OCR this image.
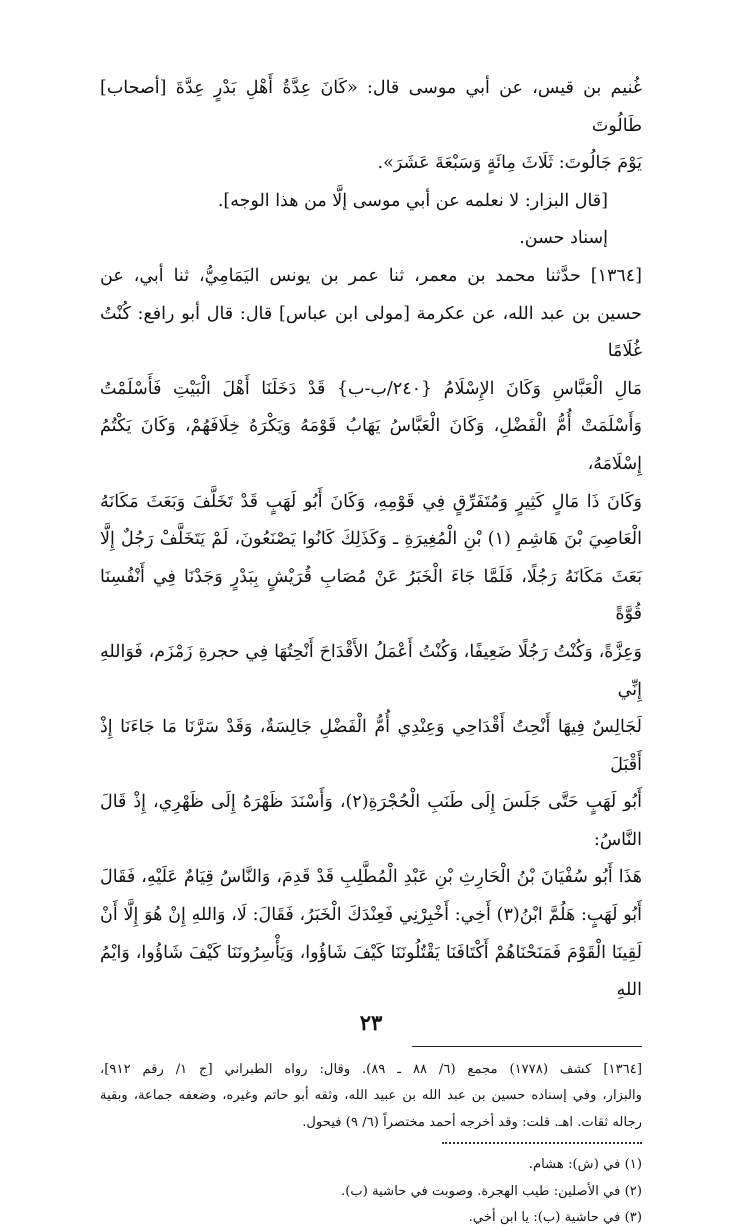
غُنيم بن قيس، عن أبي موسى قال: «كَانَ عِدَّةُ أَهْلِ بَدْرٍ عِدَّةَ [أصحاب] طَالُوتَ

يَوْمَ جَالُوتَ: ثَلَاثَ مِائَةٍ وَسَبْعَةَ عَشَرَ».

[قال البزار: لا نعلمه عن أبي موسى إلَّا من هذا الوجه].

إسناد حسن.

[١٣٦٤] حدَّثنا محمد بن معمر، ثنا عمر بن يونس اليَمَامِيُّ، ثنا أبي، عن

حسين بن عبد الله، عن عكرمة [مولى ابن عباس] قال: قال أبو رافع: كُنْتُ غُلَامًا

مَالِ الْعَبَّاسِ وَكَانَ الإِسْلَامُ {٢٤٠/ب-ب} قَدْ دَخَلَنَا أَهْلَ الْبَيْتِ فَأَسْلَمْتُ

وَأَسْلَمَتْ أُمُّ الْفَضْلِ، وَكَانَ الْعَبَّاسُ يَهَابُ قَوْمَهُ وَيَكْرَهُ خِلَافَهُمْ، وَكَانَ يَكْتُمُ إِسْلَامَهُ،

وَكَانَ ذَا مَالٍ كَثِيرٍ وَمُتَفَرِّقٍ فِي قَوْمِهِ، وَكَانَ أَبُو لَهَبٍ قَدْ تَخَلَّفَ وَبَعَثَ مَكَانَهُ

الْعَاصِيَ بْنَ هَاشِمِ (١) بْنِ الْمُغِيرَةِ ـ وَكَذَلِكَ كَانُوا يَصْنَعُونَ، لَمْ يَتَخَلَّفْ رَجُلٌ إِلَّا

بَعَثَ مَكَانَهُ رَجُلًا، فَلَمَّا جَاءَ الْخَبَرُ عَنْ مُصَابِ قُرَيْشٍ بِبَدْرٍ وَجَدْنَا فِي أَنْفُسِنَا قُوَّةً

وَعِزَّةً، وَكُنْتُ رَجُلًا ضَعِيفًا، وَكُنْتُ أَعْمَلُ الأَقْدَاحَ أَنْحِتُهَا فِي حجرةِ زَمْزَم، فَوَاللهِ إِنِّي

لَجَالِسٌ فِيهَا أَنْحِتُ أَقْدَاحِي وَعِنْدِي أُمُّ الْفَضْلِ جَالِسَةٌ، وَقَدْ سَرَّنَا مَا جَاءَنَا إِذْ أَقْبَلَ

أَبُو لَهَبٍ حَتَّى جَلَسَ إِلَى طَنَبِ الْحُجْرَةِ(٢)، وَأَسْنَدَ ظَهْرَهُ إِلَى ظَهْرِي، إِذْ قَالَ النَّاسُ:

هَذَا أَبُو سُفْيَانَ بْنُ الْحَارِثِ بْنِ عَبْدِ الْمُطَّلِبِ قَدْ قَدِمَ، وَالنَّاسُ قِيَامٌ عَلَيْهِ، فَقَالَ

أَبُو لَهَبٍ: هَلُمَّ ابْنُ(٣) أَخِي: أَخْبِرْنِي فَعِنْدَكَ الْخَبَرُ، فَقَالَ: لَا، وَاللهِ إِنْ هُوَ إِلَّا أَنْ

لَقِينَا الْقَوْمَ فَمَنَحْنَاهُمْ أَكْتَافَنَا يَقْتُلُونَنَا كَيْفَ شَاؤُوا، وَيَأْسِرُونَنَا كَيْفَ شَاؤُوا، وَايْمُ اللهِ

[١٣٦٤] كشف (١٧٧٨) مجمع (٦/ ٨٨ ـ ٨٩). وقال: رواه الطبراني [ج ١/ رقم ٩١٢]،

والبزار، وفي إسناده حسين بن عبد الله بن عبيد الله، وثقه أبو حاتم وغيره، وضعفه جماعة، وبقية

رجاله ثقات. اهـ. قلت: وقد أخرجه أحمد مختصراً (٦/ ٩) فيحول.

(١) في (ش): هشام.

(٢) في الأصلين: طيب الهجرة. وصوبت في حاشية (ب).

(٣) في حاشية (ب): يا ابن أخي.

٢٣
